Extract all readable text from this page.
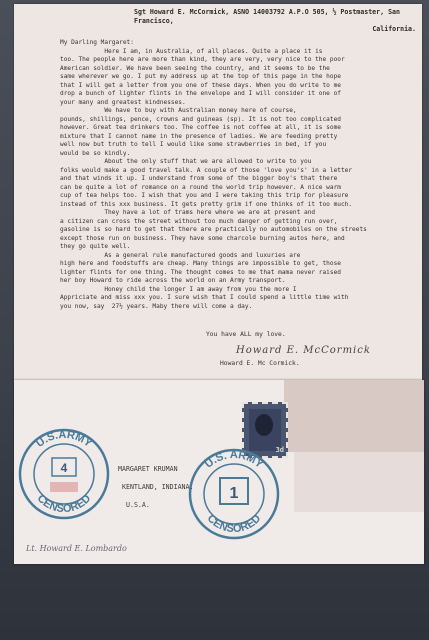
Sgt Howard E. McCormick, ASNO 14003792 A.P.O 505, ½ Postmaster, San Francisco,
California.
My Darling Margaret:
Here I am, in Australia, of all places. Quite a place it is
too. The people here are more than kind, they are very, very nice to the poor
American soldier. We have been seeing the country, and it seems to be the
same wherever we go. I put my address up at the top of this page in the hope
that I will get a letter from you one of these days. When you do write to me
drop a bunch of lighter flints in the envelope and I will consider it one of
your many and greatest kindnesses.
We have to buy with Australian money here of course,
pounds, shillings, pence, crowns and guineas (sp). It is not too complicated
however. Great tea drinkers too. The coffee is not coffee at all, it is some
mixture that I cannot name in the presence of ladies. We are feeding pretty
well now but truth to tell I would like some strawberries in bed, if you
would be so kindly.
About the only stuff that we are allowed to write to you
folks would make a good travel talk. A couple of those 'love you's' in a letter
and that winds it up. I understand from some of the bigger boy's that there
can be quite a lot of romance on a round the world trip however. A nice warm
cup of tea helps too. I wish that you and I were taking this trip for pleasure
instead of this xxx business. It gets pretty grim if one thinks of it too much.
They have a lot of trams here where we are at present and
a citizen can cross the street without too much danger of getting run over,
gasoline is so hard to get that there are practically no automobiles on the streets
except those run on business. They have some charcole burning autos here, and
they go quite well.
As a general rule manufactured goods and luxuries are
high here and foodstuffs are cheap. Many things are impossible to get, those
lighter flints for one thing. The thought comes to me that mama never raised
her boy Howard to ride across the world on an Army transport.
Honey child the longer I am away from you the more I
Appriciate and miss xxx you. I sure wish that I could spend a little time with
you now, say  27½ years. Maby there will come a day.
You have ALL my love.
Howard E. McCormick
Howard E. Mc Cormick.
3d
U.S.ARMY
CENSORED
4	U.S. ARMY
CENSORED
1
MARGARET KRUMAN
KENTLAND, INDIANA.
U.S.A.
Lt. Howard E. Lombardo
